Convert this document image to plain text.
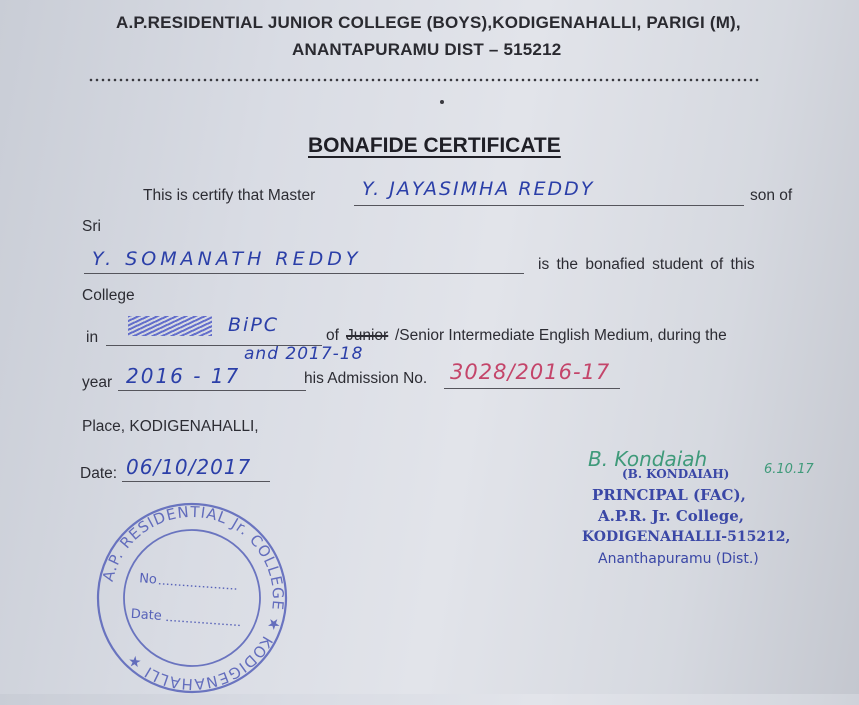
A.P.RESIDENTIAL JUNIOR COLLEGE (BOYS),KODIGENAHALLI, PARIGI (M),
ANANTAPURAMU DIST – 515212
BONAFIDE CERTIFICATE
This is certify that Master Y. JAYASIMHA REDDY	son of
Sri
Y. SOMANATH REDDY	is the bonafied student of this
College
in
BiPC	of Junior /Senior Intermediate English Medium, during the
year 2016 - 17
and 2017-18
his Admission No. 3028/2016-17
Place, KODIGENAHALLI,
Date: 06/10/2017	B. Kondaiah	6.10.17
(B. KONDAIAH)
PRINCIPAL (FAC),
A.P.R. Jr. College,
KODIGENAHALLI-515212,
Ananthapuramu (Dist.)
A.P. RESIDENTIAL Jr. COLLEGE ★ KODIGENAHALLI ★
No
Date
